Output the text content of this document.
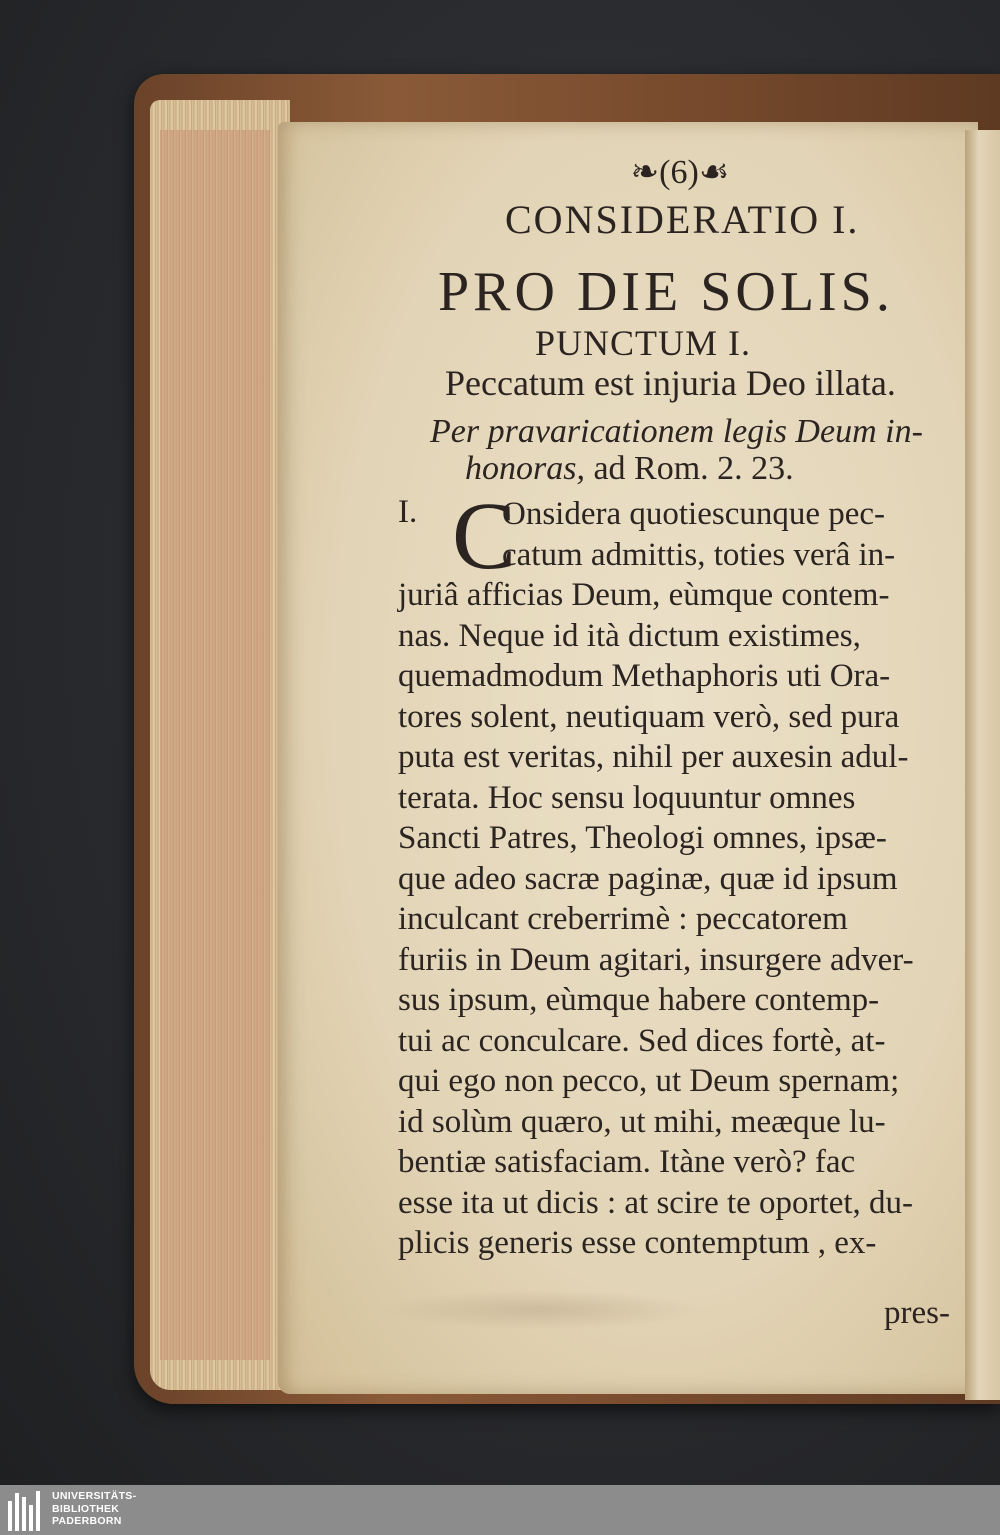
❧(6)☙
CONSIDERATIO I.
PRO DIE SOLIS.
PUNCTUM I.
Peccatum est injuria Deo illata.
Per pravaricationem legis Deum in-
honoras, ad Rom. 2. 23.
I. C
Onsidera quotiescunque pec-
catum admittis, toties verâ in-
juriâ afficias Deum, eùmque contem-
nas. Neque id ità dictum existimes,
quemadmodum Methaphoris uti Ora-
tores solent, neutiquam verò, sed pura
puta est veritas, nihil per auxesin adul-
terata. Hoc sensu loquuntur omnes
Sancti Patres, Theologi omnes, ipsæ-
que adeo sacræ paginæ, quæ id ipsum
inculcant creberrimè : peccatorem
furiis in Deum agitari, insurgere adver-
sus ipsum, eùmque habere contemp-
tui ac conculcare. Sed dices fortè, at-
qui ego non pecco, ut Deum spernam;
id solùm quæro, ut mihi, meæque lu-
bentiæ satisfaciam. Itàne verò? fac
esse ita ut dicis : at scire te oportet, du-
plicis generis esse contemptum , ex-
pres-
UNIVERSITÄTS-
BIBLIOTHEK
PADERBORN
